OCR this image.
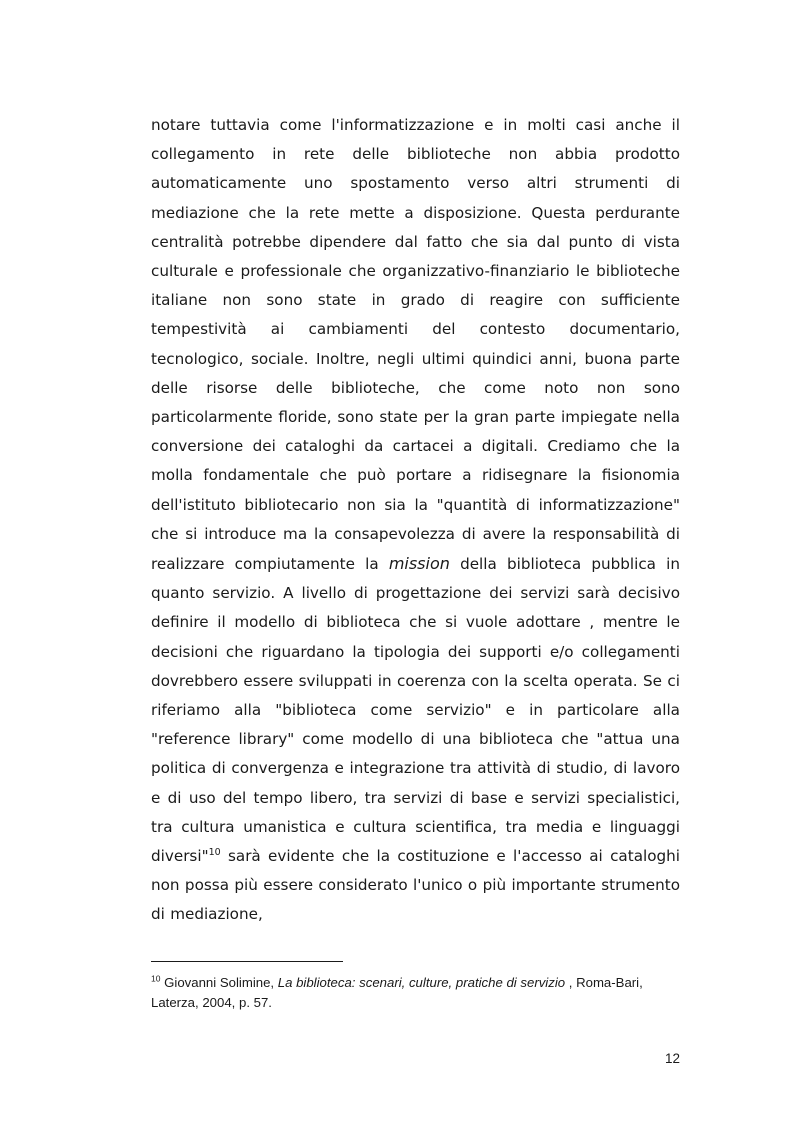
notare tuttavia come l'informatizzazione e in molti casi anche il collegamento in rete delle biblioteche non abbia prodotto automaticamente uno spostamento verso altri strumenti di mediazione che la rete mette a disposizione. Questa perdurante centralità potrebbe dipendere dal fatto che sia dal punto di vista culturale e professionale che organizzativo-finanziario le biblioteche italiane non sono state in grado di reagire con sufficiente tempestività ai cambiamenti del contesto documentario, tecnologico, sociale. Inoltre, negli ultimi quindici anni, buona parte delle risorse delle biblioteche, che come noto non sono particolarmente floride, sono state per la gran parte impiegate nella conversione dei cataloghi da cartacei a digitali. Crediamo che la molla fondamentale che può portare a ridisegnare la fisionomia dell'istituto bibliotecario non sia la "quantità di informatizzazione" che si introduce ma la consapevolezza di avere la responsabilità di realizzare compiutamente la mission della biblioteca pubblica in quanto servizio. A livello di progettazione dei servizi sarà decisivo definire il modello di biblioteca che si vuole adottare , mentre le decisioni che riguardano la tipologia dei supporti e/o collegamenti dovrebbero essere sviluppati in coerenza con la scelta operata. Se ci riferiamo alla "biblioteca come servizio" e in particolare alla "reference library" come modello di una biblioteca che "attua una politica di convergenza e integrazione tra attività di studio, di lavoro e di uso del tempo libero, tra servizi di base e servizi specialistici, tra cultura umanistica e cultura scientifica, tra media e linguaggi diversi"$^{10}$ sarà evidente che la costituzione e l'accesso ai cataloghi non possa più essere considerato l'unico o più importante strumento di mediazione,

$^{10}$ Giovanni Solimine, La biblioteca: scenari, culture, pratiche di servizio , Roma-Bari, Laterza, 2004, p. 57.

12
